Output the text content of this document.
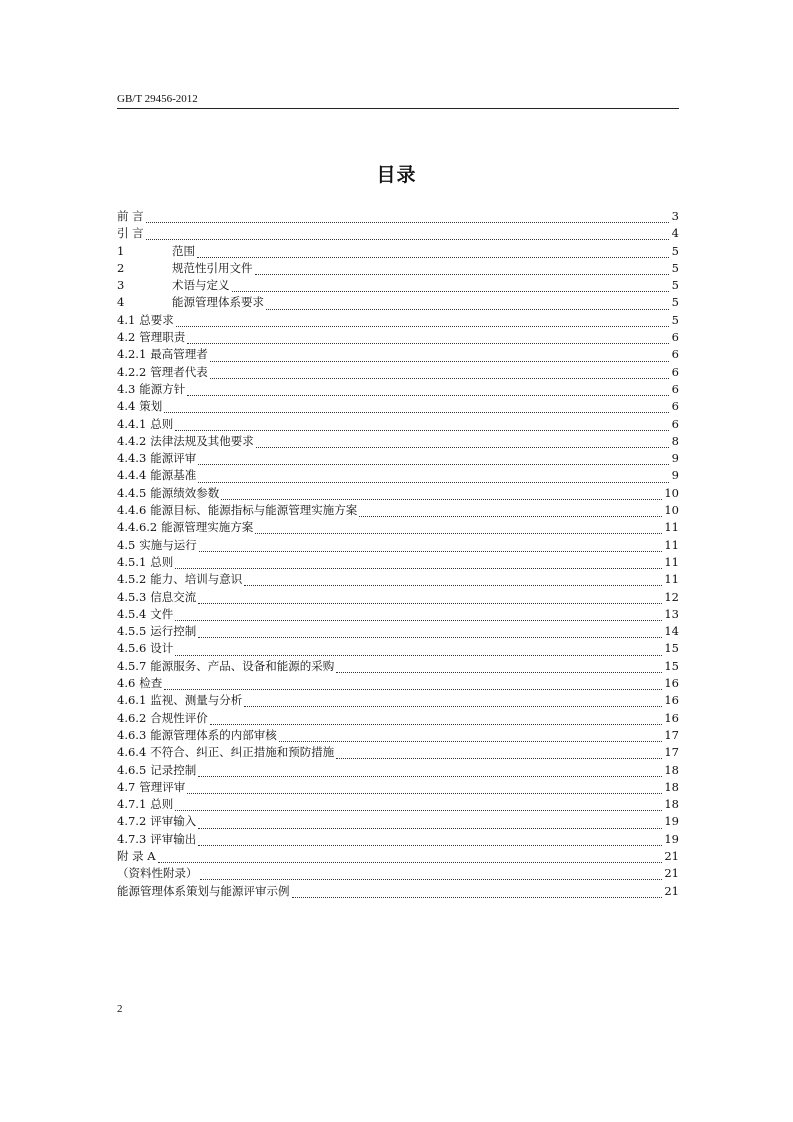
GB/T 29456-2012
目录
前 言	3
引 言	4
1	范围	5
2	规范性引用文件	5
3	术语与定义	5
4	能源管理体系要求	5
4.1 总要求	5
4.2 管理职责	6
4.2.1 最高管理者	6
4.2.2 管理者代表	6
4.3 能源方针	6
4.4 策划	6
4.4.1 总则	6
4.4.2 法律法规及其他要求	8
4.4.3 能源评审	9
4.4.4 能源基准	9
4.4.5 能源绩效参数	10
4.4.6 能源目标、能源指标与能源管理实施方案	10
4.4.6.2 能源管理实施方案	11
4.5 实施与运行	11
4.5.1 总则	11
4.5.2 能力、培训与意识	11
4.5.3 信息交流	12
4.5.4 文件	13
4.5.5 运行控制	14
4.5.6 设计	15
4.5.7 能源服务、产品、设备和能源的采购	15
4.6 检查	16
4.6.1 监视、测量与分析	16
4.6.2 合规性评价	16
4.6.3 能源管理体系的内部审核	17
4.6.4 不符合、纠正、纠正措施和预防措施	17
4.6.5 记录控制	18
4.7 管理评审	18
4.7.1 总则	18
4.7.2 评审输入	19
4.7.3 评审输出	19
附 录 A	21
（资料性附录）	21
能源管理体系策划与能源评审示例	21
2
